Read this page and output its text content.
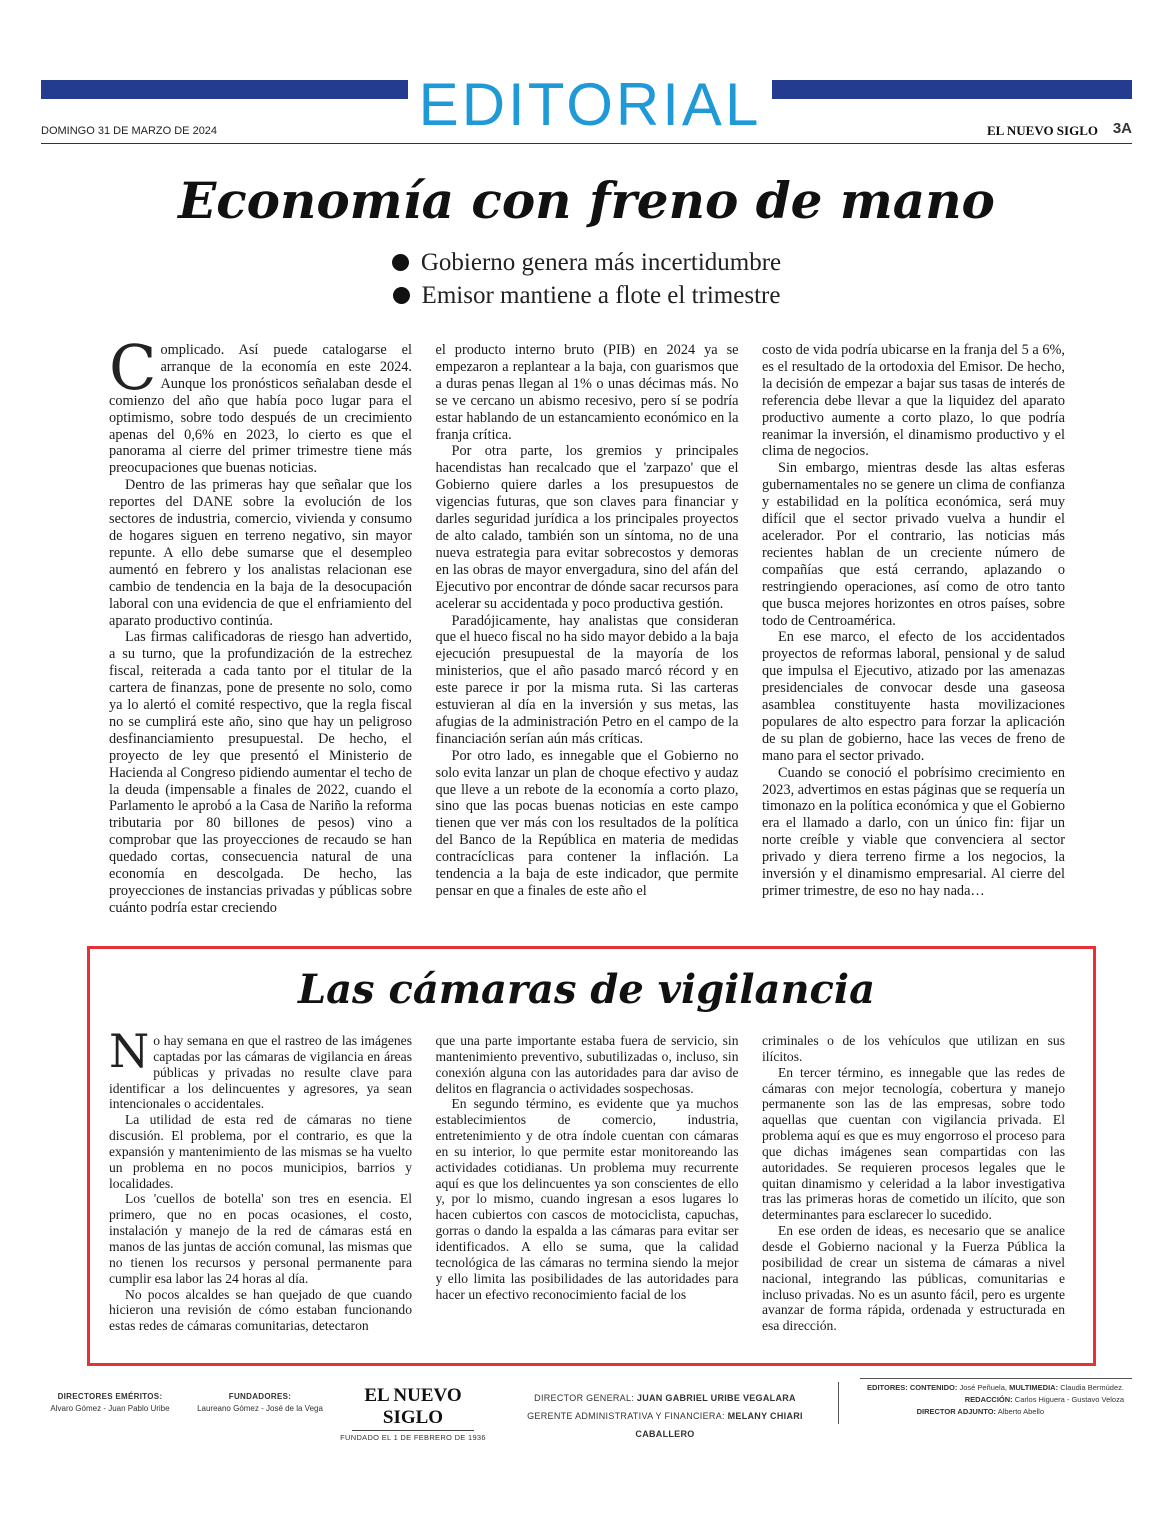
EDITORIAL
DOMINGO 31 DE MARZO DE 2024	EL NUEVO SIGLO 3A
Economía con freno de mano
Gobierno genera más incertidumbre
Emisor mantiene a flote el trimestre

Complicado. Así puede catalogarse el arranque de la economía en este 2024. Aunque los pronósticos señalaban desde el comienzo del año que había poco lugar para el optimismo, sobre todo después de un crecimiento apenas del 0,6% en 2023, lo cierto es que el panorama al cierre del primer trimestre tiene más preocupaciones que buenas noticias.

Dentro de las primeras hay que señalar que los reportes del DANE sobre la evolución de los sectores de industria, comercio, vivienda y consumo de hogares siguen en terreno negativo, sin mayor repunte. A ello debe sumarse que el desempleo aumentó en febrero y los analistas relacionan ese cambio de tendencia en la baja de la desocupación laboral con una evidencia de que el enfriamiento del aparato productivo continúa.

Las firmas calificadoras de riesgo han advertido, a su turno, que la profundización de la estrechez fiscal, reiterada a cada tanto por el titular de la cartera de finanzas, pone de presente no solo, como ya lo alertó el comité respectivo, que la regla fiscal no se cumplirá este año, sino que hay un peligroso desfinanciamiento presupuestal. De hecho, el proyecto de ley que presentó el Ministerio de Hacienda al Congreso pidiendo aumentar el techo de la deuda (impensable a finales de 2022, cuando el Parlamento le aprobó a la Casa de Nariño la reforma tributaria por 80 billones de pesos) vino a comprobar que las proyecciones de recaudo se han quedado cortas, consecuencia natural de una economía en descolgada. De hecho, las proyecciones de instancias privadas y públicas sobre cuánto podría estar creciendo

el producto interno bruto (PIB) en 2024 ya se empezaron a replantear a la baja, con guarismos que a duras penas llegan al 1% o unas décimas más. No se ve cercano un abismo recesivo, pero sí se podría estar hablando de un estancamiento económico en la franja crítica.

Por otra parte, los gremios y principales hacendistas han recalcado que el 'zarpazo' que el Gobierno quiere darles a los presupuestos de vigencias futuras, que son claves para financiar y darles seguridad jurídica a los principales proyectos de alto calado, también son un síntoma, no de una nueva estrategia para evitar sobrecostos y demoras en las obras de mayor envergadura, sino del afán del Ejecutivo por encontrar de dónde sacar recursos para acelerar su accidentada y poco productiva gestión.

Paradójicamente, hay analistas que consideran que el hueco fiscal no ha sido mayor debido a la baja ejecución presupuestal de la mayoría de los ministerios, que el año pasado marcó récord y en este parece ir por la misma ruta. Si las carteras estuvieran al día en la inversión y sus metas, las afugias de la administración Petro en el campo de la financiación serían aún más críticas.

Por otro lado, es innegable que el Gobierno no solo evita lanzar un plan de choque efectivo y audaz que lleve a un rebote de la economía a corto plazo, sino que las pocas buenas noticias en este campo tienen que ver más con los resultados de la política del Banco de la República en materia de medidas contracíclicas para contener la inflación. La tendencia a la baja de este indicador, que permite pensar en que a finales de este año el

costo de vida podría ubicarse en la franja del 5 a 6%, es el resultado de la ortodoxia del Emisor. De hecho, la decisión de empezar a bajar sus tasas de interés de referencia debe llevar a que la liquidez del aparato productivo aumente a corto plazo, lo que podría reanimar la inversión, el dinamismo productivo y el clima de negocios.

Sin embargo, mientras desde las altas esferas gubernamentales no se genere un clima de confianza y estabilidad en la política económica, será muy difícil que el sector privado vuelva a hundir el acelerador. Por el contrario, las noticias más recientes hablan de un creciente número de compañías que está cerrando, aplazando o restringiendo operaciones, así como de otro tanto que busca mejores horizontes en otros países, sobre todo de Centroamérica.

En ese marco, el efecto de los accidentados proyectos de reformas laboral, pensional y de salud que impulsa el Ejecutivo, atizado por las amenazas presidenciales de convocar desde una gaseosa asamblea constituyente hasta movilizaciones populares de alto espectro para forzar la aplicación de su plan de gobierno, hace las veces de freno de mano para el sector privado.

Cuando se conoció el pobrísimo crecimiento en 2023, advertimos en estas páginas que se requería un timonazo en la política económica y que el Gobierno era el llamado a darlo, con un único fin: fijar un norte creíble y viable que convenciera al sector privado y diera terreno firme a los negocios, la inversión y el dinamismo empresarial. Al cierre del primer trimestre, de eso no hay nada…

Las cámaras de vigilancia

No hay semana en que el rastreo de las imágenes captadas por las cámaras de vigilancia en áreas públicas y privadas no resulte clave para identificar a los delincuentes y agresores, ya sean intencionales o accidentales.

La utilidad de esta red de cámaras no tiene discusión. El problema, por el contrario, es que la expansión y mantenimiento de las mismas se ha vuelto un problema en no pocos municipios, barrios y localidades.

Los 'cuellos de botella' son tres en esencia. El primero, que no en pocas ocasiones, el costo, instalación y manejo de la red de cámaras está en manos de las juntas de acción comunal, las mismas que no tienen los recursos y personal permanente para cumplir esa labor las 24 horas al día.

No pocos alcaldes se han quejado de que cuando hicieron una revisión de cómo estaban funcionando estas redes de cámaras comunitarias, detectaron

que una parte importante estaba fuera de servicio, sin mantenimiento preventivo, subutilizadas o, incluso, sin conexión alguna con las autoridades para dar aviso de delitos en flagrancia o actividades sospechosas.

En segundo término, es evidente que ya muchos establecimientos de comercio, industria, entretenimiento y de otra índole cuentan con cámaras en su interior, lo que permite estar monitoreando las actividades cotidianas. Un problema muy recurrente aquí es que los delincuentes ya son conscientes de ello y, por lo mismo, cuando ingresan a esos lugares lo hacen cubiertos con cascos de motociclista, capuchas, gorras o dando la espalda a las cámaras para evitar ser identificados. A ello se suma, que la calidad tecnológica de las cámaras no termina siendo la mejor y ello limita las posibilidades de las autoridades para hacer un efectivo reconocimiento facial de los

criminales o de los vehículos que utilizan en sus ilícitos.

En tercer término, es innegable que las redes de cámaras con mejor tecnología, cobertura y manejo permanente son las de las empresas, sobre todo aquellas que cuentan con vigilancia privada. El problema aquí es que es muy engorroso el proceso para que dichas imágenes sean compartidas con las autoridades. Se requieren procesos legales que le quitan dinamismo y celeridad a la labor investigativa tras las primeras horas de cometido un ilícito, que son determinantes para esclarecer lo sucedido.

En ese orden de ideas, es necesario que se analice desde el Gobierno nacional y la Fuerza Pública la posibilidad de crear un sistema de cámaras a nivel nacional, integrando las públicas, comunitarias e incluso privadas. No es un asunto fácil, pero es urgente avanzar de forma rápida, ordenada y estructurada en esa dirección.

DIRECTORES EMÉRITOS:
Alvaro Gómez - Juan Pablo Uribe
FUNDADORES:
Laureano Gómez - José de la Vega
EL NUEVO SIGLO
FUNDADO EL 1 DE FEBRERO DE 1936
DIRECTOR GENERAL: JUAN GABRIEL URIBE VEGALARA
GERENTE ADMINISTRATIVA Y FINANCIERA: MELANY CHIARI CABALLERO
EDITORES: CONTENIDO: José Peñuela, MULTIMEDIA: Claudia Bermúdez.
REDACCIÓN: Carlos Higuera - Gustavo Veloza
DIRECTOR ADJUNTO: Alberto Abello
